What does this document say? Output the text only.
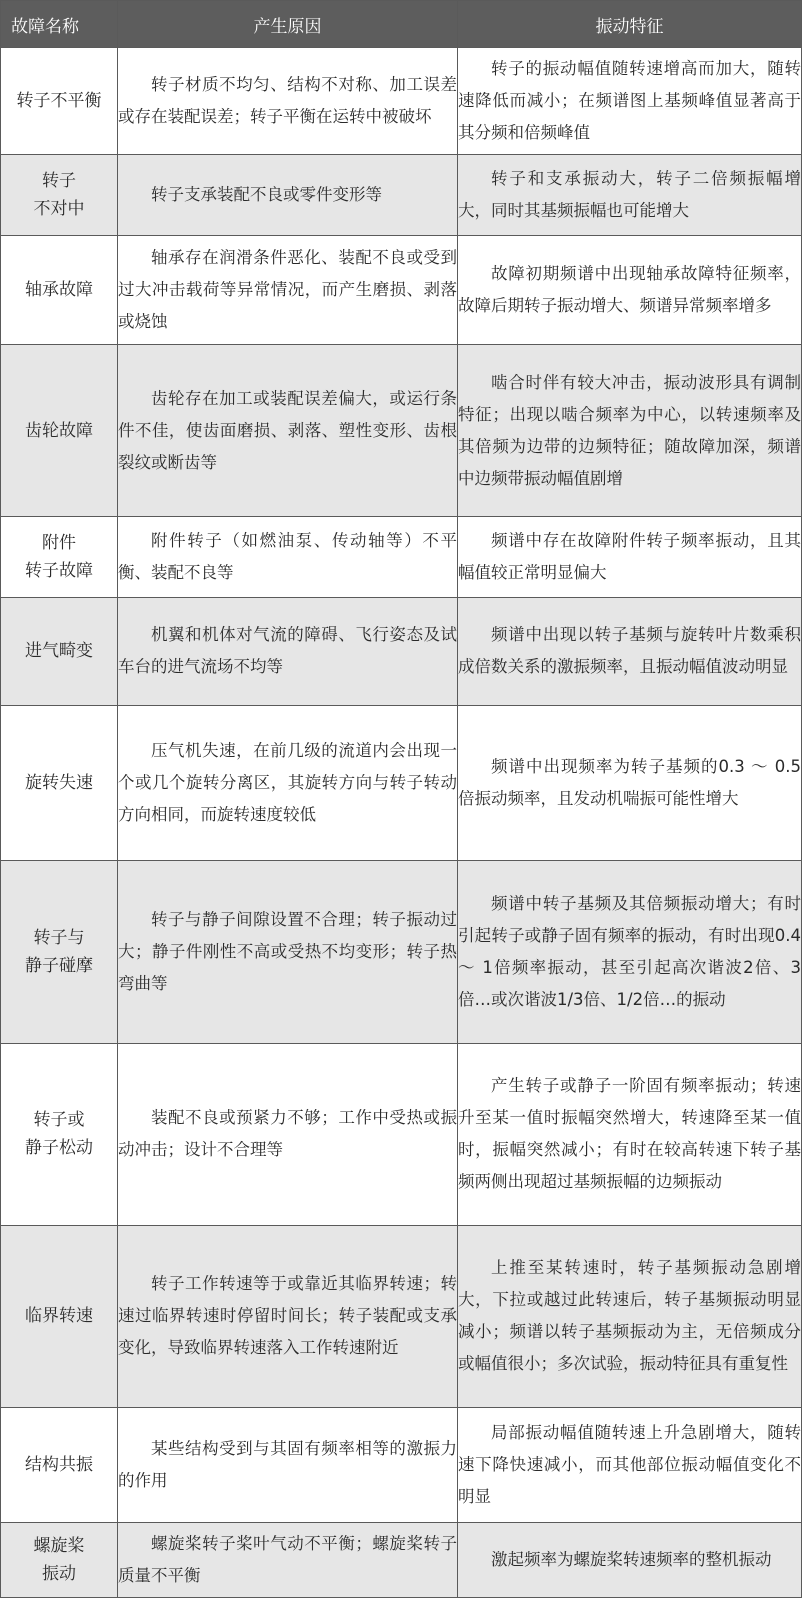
故障名称	产生原因	振动特征
转子不平衡	转子材质不均匀、结构不对称、加工误差或存在装配误差；转子平衡在运转中被破坏	转子的振动幅值随转速增高而加大，随转速降低而减小；在频谱图上基频峰值显著高于其分频和倍频峰值
转子
不对中	转子支承装配不良或零件变形等	转子和支承振动大，转子二倍频振幅增大，同时其基频振幅也可能增大
轴承故障	轴承存在润滑条件恶化、装配不良或受到过大冲击载荷等异常情况，而产生磨损、剥落或烧蚀	故障初期频谱中出现轴承故障特征频率，故障后期转子振动增大、频谱异常频率增多
齿轮故障	齿轮存在加工或装配误差偏大，或运行条件不佳，使齿面磨损、剥落、塑性变形、齿根裂纹或断齿等	啮合时伴有较大冲击，振动波形具有调制特征；出现以啮合频率为中心，以转速频率及其倍频为边带的边频特征；随故障加深，频谱中边频带振动幅值剧增
附件
转子故障	附件转子（如燃油泵、传动轴等）不平衡、装配不良等	频谱中存在故障附件转子频率振动，且其幅值较正常明显偏大
进气畸变	机翼和机体对气流的障碍、飞行姿态及试车台的进气流场不均等	频谱中出现以转子基频与旋转叶片数乘积成倍数关系的激振频率，且振动幅值波动明显
旋转失速	压气机失速，在前几级的流道内会出现一个或几个旋转分离区，其旋转方向与转子转动方向相同，而旋转速度较低	频谱中出现频率为转子基频的0.3 ～ 0.5倍振动频率，且发动机喘振可能性增大
转子与
静子碰摩	转子与静子间隙设置不合理；转子振动过大；静子件刚性不高或受热不均变形；转子热弯曲等	频谱中转子基频及其倍频振动增大；有时引起转子或静子固有频率的振动，有时出现0.4 ～ 1倍频率振动，甚至引起高次谐波2倍、3倍…或次谐波1/3倍、1/2倍…的振动
转子或
静子松动	装配不良或预紧力不够；工作中受热或振动冲击；设计不合理等	产生转子或静子一阶固有频率振动；转速升至某一值时振幅突然增大，转速降至某一值时，振幅突然减小；有时在较高转速下转子基频两侧出现超过基频振幅的边频振动
临界转速	转子工作转速等于或靠近其临界转速；转速过临界转速时停留时间长；转子装配或支承变化，导致临界转速落入工作转速附近	上推至某转速时，转子基频振动急剧增大，下拉或越过此转速后，转子基频振动明显减小；频谱以转子基频振动为主，无倍频成分或幅值很小；多次试验，振动特征具有重复性
结构共振	某些结构受到与其固有频率相等的激振力的作用	局部振动幅值随转速上升急剧增大，随转速下降快速减小，而其他部位振动幅值变化不明显
螺旋桨
振动	螺旋桨转子桨叶气动不平衡；螺旋桨转子质量不平衡	激起频率为螺旋桨转速频率的整机振动
